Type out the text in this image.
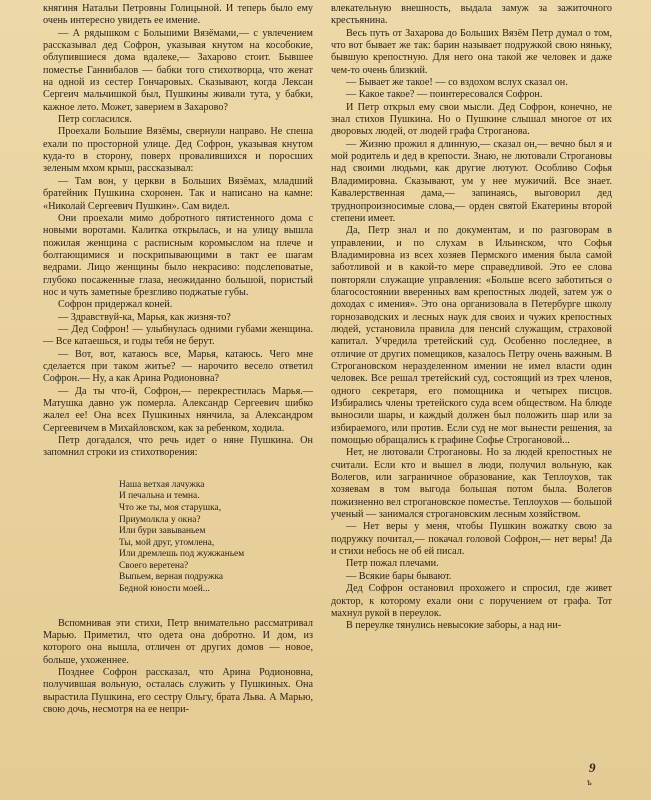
княгиня Натальи Петровны Голицыной. И теперь было ему очень интересно увидеть ее имение.

— А рядышком с Большими Вязёмами,— с увлечением рассказывал дед Софрон, указывая кнутом на кособокие, облупившиеся дома вдалеке,— Захарово стоит. Бывшее поместье Ганнибалов — бабки того стихотворца, что женат на одной из сестер Гончаровых. Сказывают, когда Лексан Сергеич мальчишкой был, Пушкины живали тута, у бабки, кажное лето. Может, заверием в Захарово?

Петр согласился.

Проехали Большие Вязёмы, свернули направо. Не спеша ехали по просторной улице. Дед Софрон, указывая кнутом куда-то в сторону, поверх провалившихся и поросших зеленым мхом крыш, рассказывал:

— Там вон, у церкви в Больших Вязёмах, младший братейник Пушкина схоронен. Так и написано на камне: «Николай Сергеевич Пушкин». Сам видел.

Они проехали мимо добротного пятистенного дома с новыми воротами. Калитка открылась, и на улицу вышла пожилая женщина с расписным коромыслом на плече и болтающимися и поскрипывающими в такт ее шагам ведрами. Лицо женщины было некрасиво: подслеповатые, глубоко посаженные глаза, неожиданно большой, пористый нос и чуть заметные брезгливо поджатые губы.

Софрон придержал коней.

— Здравствуй-ка, Марья, как жизня-то?

— Дед Софрон! — улыбнулась одними губами женщина.— Все катаешься, и годы тебя не берут.

— Вот, вот, катаюсь все, Марья, катаюсь. Чего мне сделается при таком житье? — нарочито весело ответил Софрон.— Ну, а как Арина Родионовна?

— Да ты что-й, Софрон,— перекрестилась Марья.— Матушка давно уж померла. Александр Сергеевич шибко жалел ее! Она всех Пушкиных нянчила, за Александром Сергеевичем в Михайловском, как за ребенком, ходила.

Петр догадался, что речь идет о няне Пушкина. Он запомнил строки из стихотворения:

Наша ветхая лачужка
И печальна и темна.
Что же ты, моя старушка,
Приумолкла у окна?
Или бури завываньем
Ты, мой друг, утомлена,
Или дремлешь под жужжаньем
Своего веретена?
Выпьем, верная подружка
Бедной юности моей...

Вспомнивая эти стихи, Петр внимательно рассматривал Марью. Приметил, что одета она добротно. И дом, из которого она вышла, отличен от других домов — новое, больше, ухоженнее.

Позднее Софрон рассказал, что Арина Родионовна, получившая вольную, осталась служить у Пушкиных. Она вырастила Пушкина, его сестру Ольгу, брата Льва. А Марью, свою дочь, несмотря на ее непри-

влекательную внешность, выдала замуж за зажиточного крестьянина.

Весь путь от Захарова до Больших Вязём Петр думал о том, что вот бывает же так: барин называет подружкой свою няньку, бывшую крепостную. Для него она такой же человек и даже чем-то очень близкий.

— Бывает же такое! — со вздохом вслух сказал он.

— Какое такое? — поинтересовался Софрон.

И Петр открыл ему свои мысли. Дед Софрон, конечно, не знал стихов Пушкина. Но о Пушкине слышал многое от их дворовых людей, от людей графа Строганова.

— Жизню прожил я длинную,— сказал он,— вечно был я и мой родитель и дед в крепости. Знаю, не лютовали Строгановы над своими людьми, как другие лютуют. Особливо Софья Владимировна. Сказывают, ум у нее мужичий. Все знает. Кавалерственная дама,— запинаясь, выговорил дед труднопроизносимые слова,— орден святой Екатерины второй степени имеет.

Да, Петр знал и по документам, и по разговорам в управлении, и по слухам в Ильинском, что Софья Владимировна из всех хозяев Пермского имения была самой заботливой и в какой-то мере справедливой. Это ее слова повторяли служащие управления: «Больше всего заботиться о благосостоянии вверенных вам крепостных людей, затем уж о доходах с имения». Это она организовала в Петербурге школу горнозаводских и лесных наук для своих и чужих крепостных людей, установила правила для пенсий служащим, страховой капитал. Учредила третейский суд. Особенно последнее, в отличие от других помещиков, казалось Петру очень важным. В Строгановском неразделенном имении не имел власти один человек. Все решал третейский суд, состоящий из трех членов, одного секретаря, его помощника и четырех писцов. Избирались члены третейского суда всем обществом. На блюде выносили шары, и каждый должен был положить шар или за избираемого, или против. Если суд не мог вынести решения, за помощью обращались к графине Софье Строгановой...

Нет, не лютовали Строгановы. Но за людей крепостных не считали. Если кто и вышел в люди, получил вольную, как Волегов, или заграничное образование, как Теплоухов, так хозяевам в том выгода большая потом была. Волегов пожизненно вел строгановское поместье. Теплоухов — большой ученый — занимался строгановским лесным хозяйством.

— Нет веры у меня, чтобы Пушкин вожатку свою за подружку почитал,— покачал головой Софрон,— нет веры! Да и стихи небось не об ей писал.

Петр пожал плечами.

— Всякие бары бывают.

Дед Софрон остановил прохожего и спросил, где живет доктор, к которому ехали они с поручением от графа. Тот махнул рукой в переулок.

В переулке тянулись невысокие заборы, а над ни-

9
ъ
